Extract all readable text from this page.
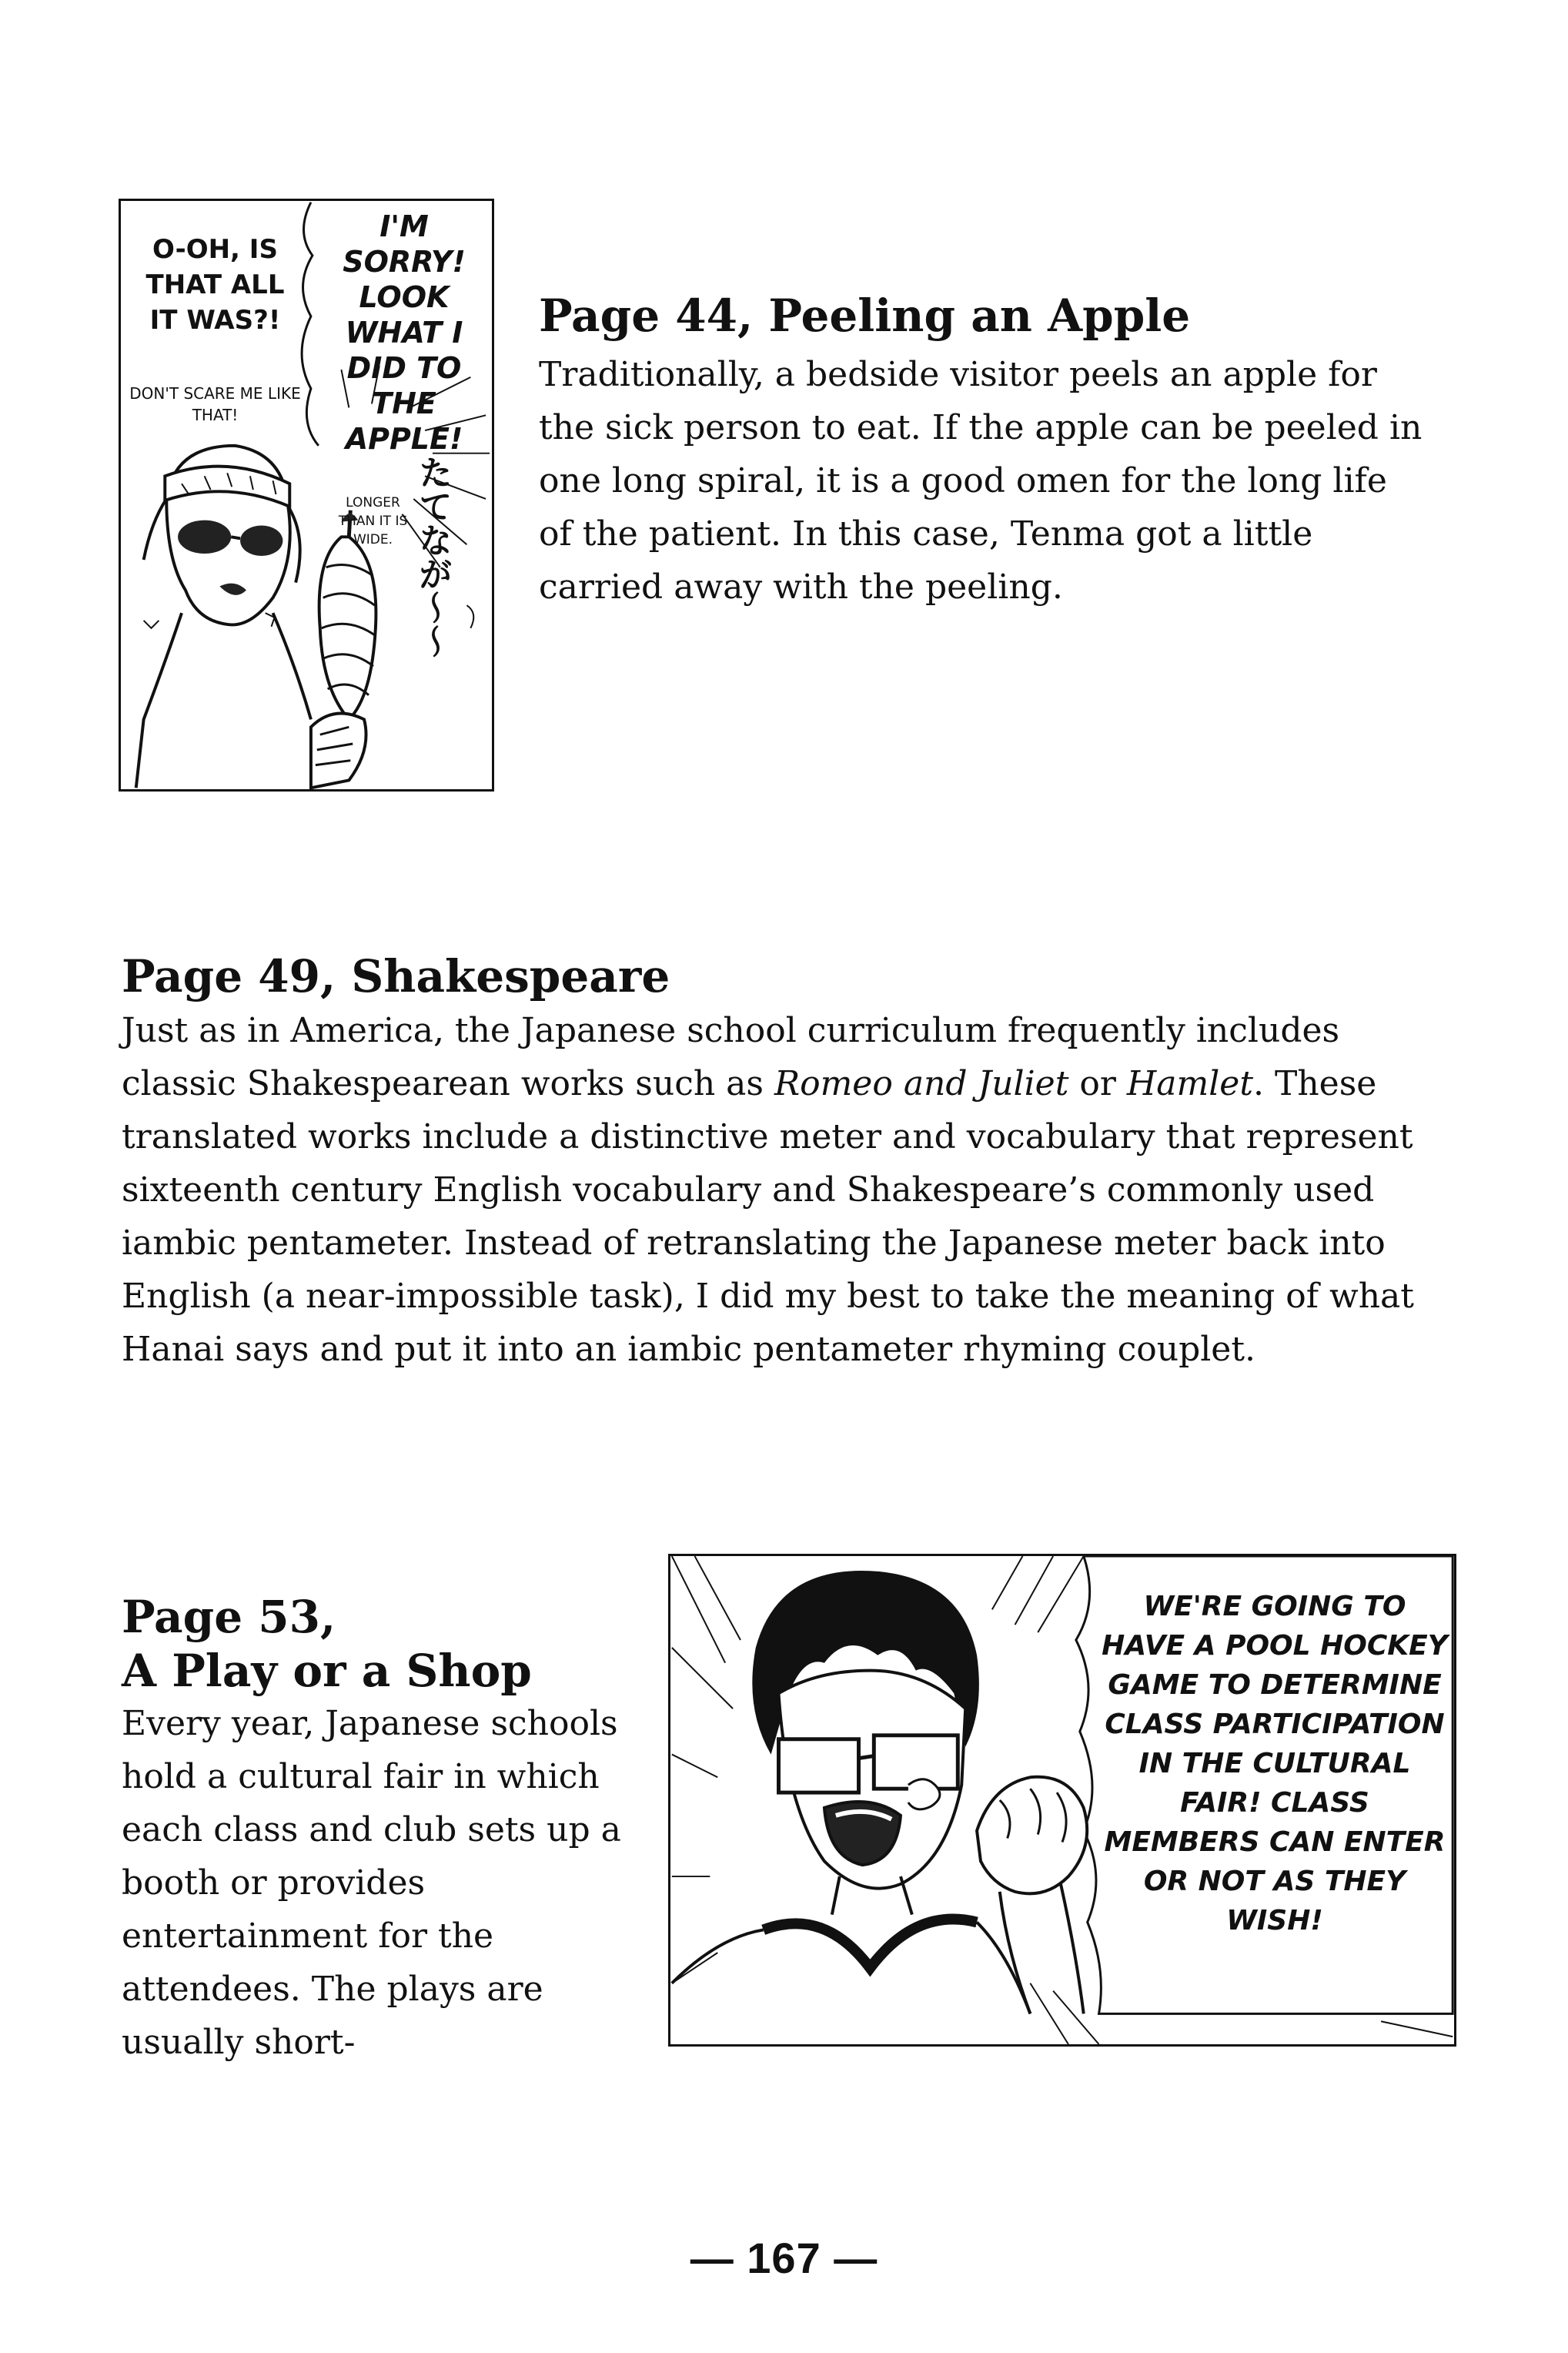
O-OH, IS THAT ALL IT WAS?!
DON'T SCARE ME LIKE THAT!
I'M SORRY! LOOK WHAT I DID TO THE APPLE!
LONGER THAN IT IS WIDE. たてなが～～
Page 44, Peeling an Apple

Traditionally, a bedside visitor peels an apple for the sick person to eat. If the apple can be peeled in one long spiral, it is a good omen for the long life of the patient. In this case, Tenma got a little carried away with the peeling.

Page 49, Shakespeare

Just as in America, the Japanese school curriculum frequently includes classic Shakespearean works such as Romeo and Juliet or Hamlet. These translated works include a distinctive meter and vocabulary that represent sixteenth century English vocabulary and Shakespeare’s commonly used iambic pentameter. Instead of retranslating the Japanese meter back into English (a near-impossible task), I did my best to take the meaning of what Hanai says and put it into an iambic pentameter rhyming couplet.

Page 53,
A Play or a Shop

Every year, Japanese schools hold a cultural fair in which each class and club sets up a booth or provides entertainment for the attendees. The plays are usually short-

WE'RE GOING TO HAVE A POOL HOCKEY GAME TO DETERMINE CLASS PARTICIPATION IN THE CULTURAL FAIR! CLASS MEMBERS CAN ENTER OR NOT AS THEY WISH!
— 167 —
